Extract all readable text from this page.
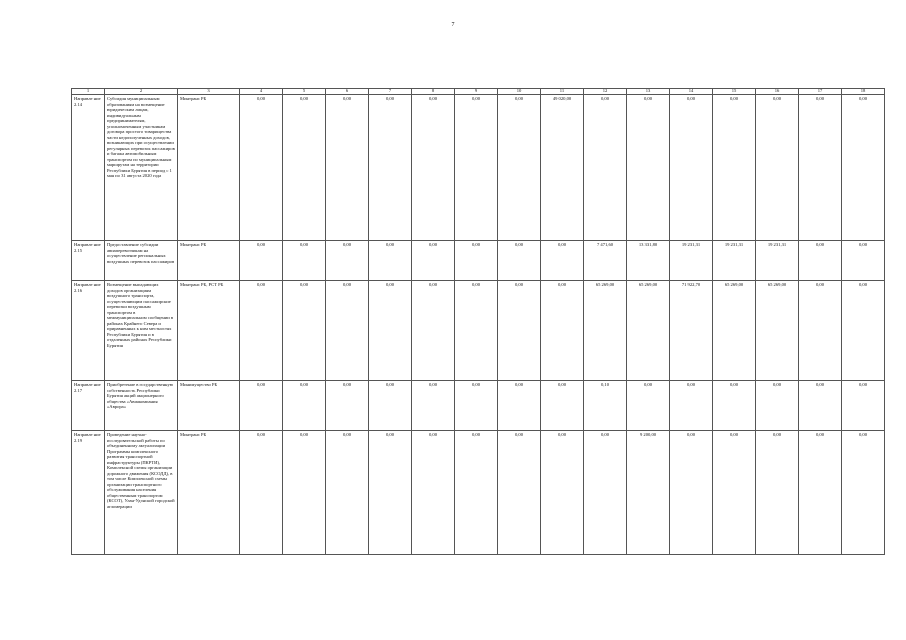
7
1	2	3	4	5	6	7	8	9	10	11	12	13	14	15	16	17	18
Направле ние 2.14	Субсидия муниципальным образованиям на возмещение юридическим лицам, индивидуальным предпринимателям, уполномоченным участникам договора простого товарищества части недополученных доходов, возникающих при осуществлении регулярных перевозок пассажиров и багажа автомобильным транспортом по муниципальным маршрутам на территории Республики Бурятия в период с 1 мая по 31 августа 2020 года	Минтранс РБ	0,00	0,00	0,00	0,00	0,00	0,00	0,00	49 020,00	0,00	0,00	0,00	0,00	0,00	0,00	0,00
Направле ние 2.15	Предоставление субсидии авиаперевозчикам на осуществление региональных воздушных перевозок пассажиров	Минтранс РБ	0,00	0,00	0,00	0,00	0,00	0,00	0,00	0,00	7 471,60	13 331,80	19 231,31	19 231,31	19 231,31	0,00	0,00
Направле ние 2.16	Возмещение выпадающих доходов организациям воздушного транспорта, осуществляющим пассажирские перевозки воздушным транспортом в межмуниципальном сообщении в районах Крайнего Севера и приравненных к ним местностях Республики Бурятия и в отдаленных районах Республики Бурятия	Минтранс РБ, РСТ РБ	0,00	0,00	0,00	0,00	0,00	0,00	0,00	0,00	65 269,00	65 269,00	71 922,70	65 269,00	65 269,00	0,00	0,00
Направле ние 2.17	Приобретение в государственную собственность Республики Бурятия акций акционерного общества «Авиакомпания «Аврора»	Минимущество РБ	0,00	0,00	0,00	0,00	0,00	0,00	0,00	0,00	0,10	0,00	0,00	0,00	0,00	0,00	0,00
Направле ние 2.19	Проведение научно-исследовательской работы по объединенному актуализации Программы комплексного развития транспортной инфраструктуры (ПКРТИ), Комплексной схемы организации дорожного движения (КСОДД), в том числе Комплексной схемы организации транспортного обслуживания населения общественным транспортом (КСОТ), Улан-Удэнской городской агломерации	Минтранс РБ	0,00	0,00	0,00	0,00	0,00	0,00	0,00	0,00	0,00	9 200,00	0,00	0,00	0,00	0,00	0,00
